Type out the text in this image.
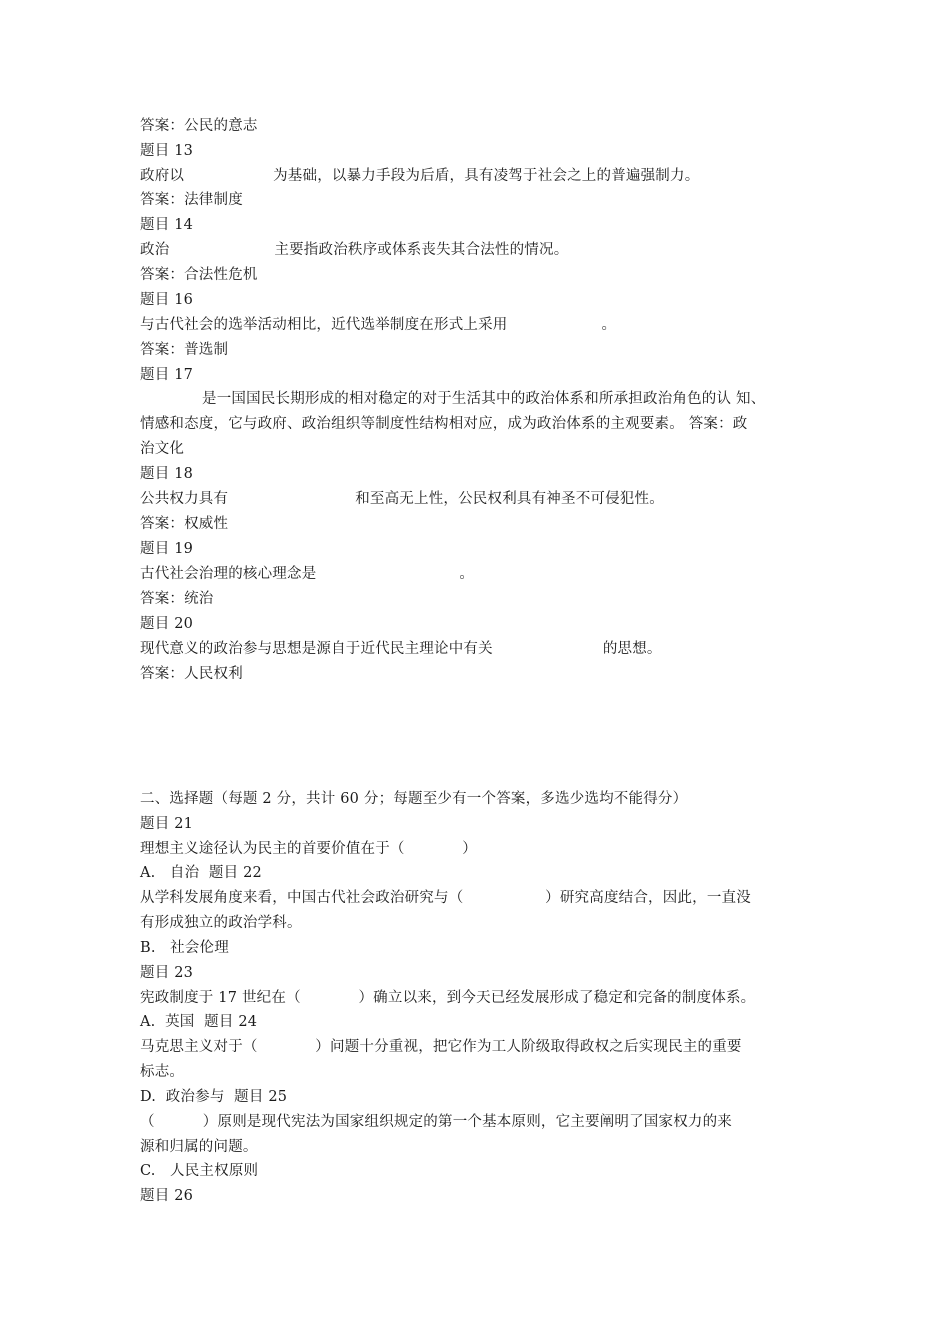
答案：公民的意志
题目 13
政府以	为基础，以暴力手段为后盾，具有凌驾于社会之上的普遍强制力。
答案：法律制度
题目 14
政治	主要指政治秩序或体系丧失其合法性的情况。
答案：合法性危机
题目 16
与古代社会的选举活动相比，近代选举制度在形式上采用	。
答案：普选制
题目 17
是一国国民长期形成的相对稳定的对于生活其中的政治体系和所承担政治角色的认 知、
情感和态度，它与政府、政治组织等制度性结构相对应，成为政治体系的主观要素。 答案：政
治文化
题目 18
公共权力具有	和至高无上性，公民权利具有神圣不可侵犯性。
答案：权威性
题目 19
古代社会治理的核心理念是	。
答案：统治
题目 20
现代意义的政治参与思想是源自于近代民主理论中有关	的思想。
答案：人民权利
二、选择题（每题 2 分，共计 60 分；每题至少有一个答案，多选少选均不能得分）
题目 21
理想主义途径认为民主的首要价值在于（            ）
A.   自治  题目 22
从学科发展角度来看，中国古代社会政治研究与（                 ）研究高度结合，因此，一直没
有形成独立的政治学科。
B.   社会伦理
题目 23
宪政制度于 17 世纪在（            ）确立以来，到今天已经发展形成了稳定和完备的制度体系。
A.  英国  题目 24
马克思主义对于（            ）问题十分重视，把它作为工人阶级取得政权之后实现民主的重要
标志。
D.  政治参与  题目 25
（          ）原则是现代宪法为国家组织规定的第一个基本原则，它主要阐明了国家权力的来
源和归属的问题。
C.   人民主权原则
题目 26
